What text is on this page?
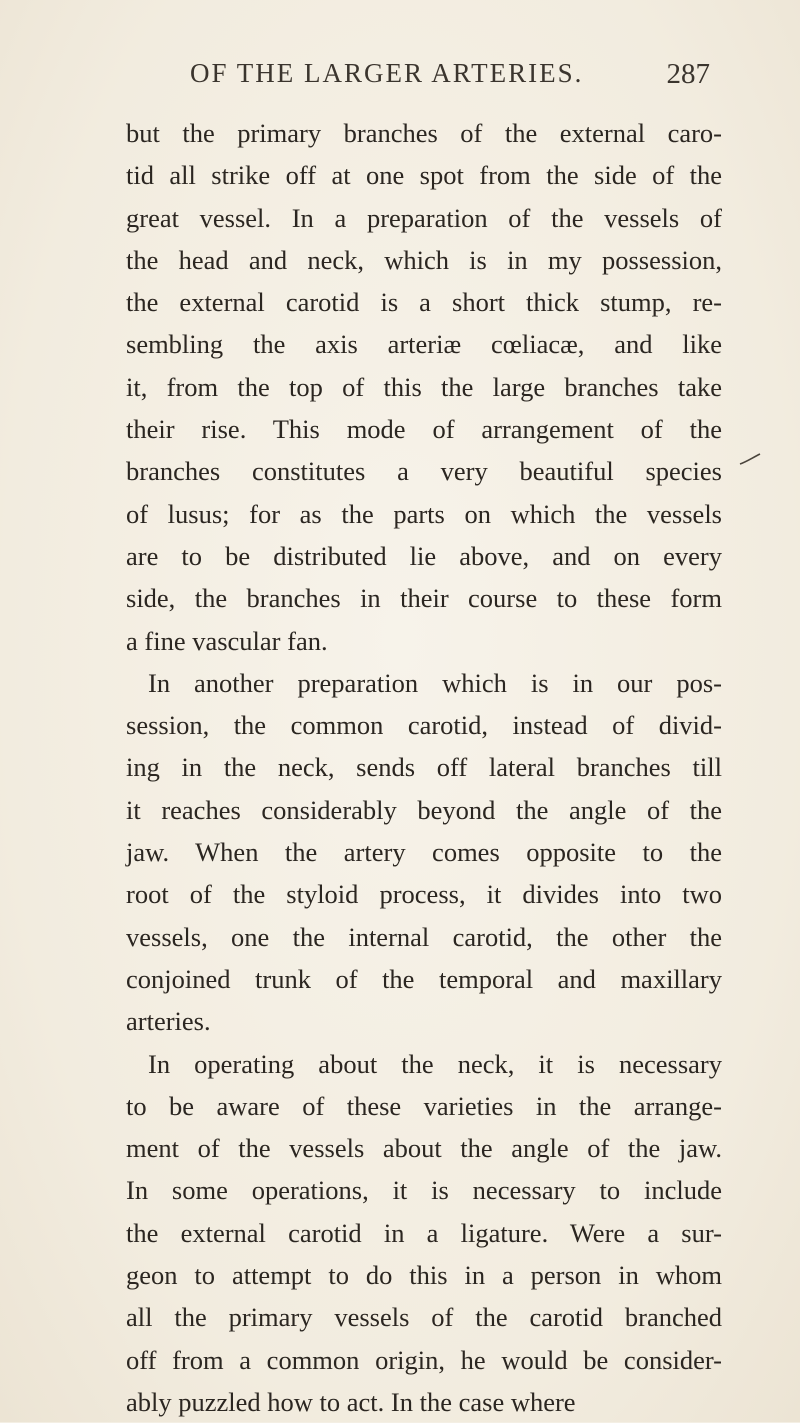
OF THE LARGER ARTERIES.	287
but the primary branches of the external caro-
tid all strike off at one spot from the side of the
great vessel. In a preparation of the vessels of
the head and neck, which is in my possession,
the external carotid is a short thick stump, re-
sembling the axis arteriæ cœliacæ, and like
it, from the top of this the large branches take
their rise. This mode of arrangement of the
branches constitutes a very beautiful species
of lusus; for as the parts on which the vessels
are to be distributed lie above, and on every
side, the branches in their course to these form
a fine vascular fan.
In another preparation which is in our pos-
session, the common carotid, instead of divid-
ing in the neck, sends off lateral branches till
it reaches considerably beyond the angle of the
jaw. When the artery comes opposite to the
root of the styloid process, it divides into two
vessels, one the internal carotid, the other the
conjoined trunk of the temporal and maxillary
arteries.
In operating about the neck, it is necessary
to be aware of these varieties in the arrange-
ment of the vessels about the angle of the jaw.
In some operations, it is necessary to include
the external carotid in a ligature. Were a sur-
geon to attempt to do this in a person in whom
all the primary vessels of the carotid branched
off from a common origin, he would be consider-
ably puzzled how to act. In the case where
